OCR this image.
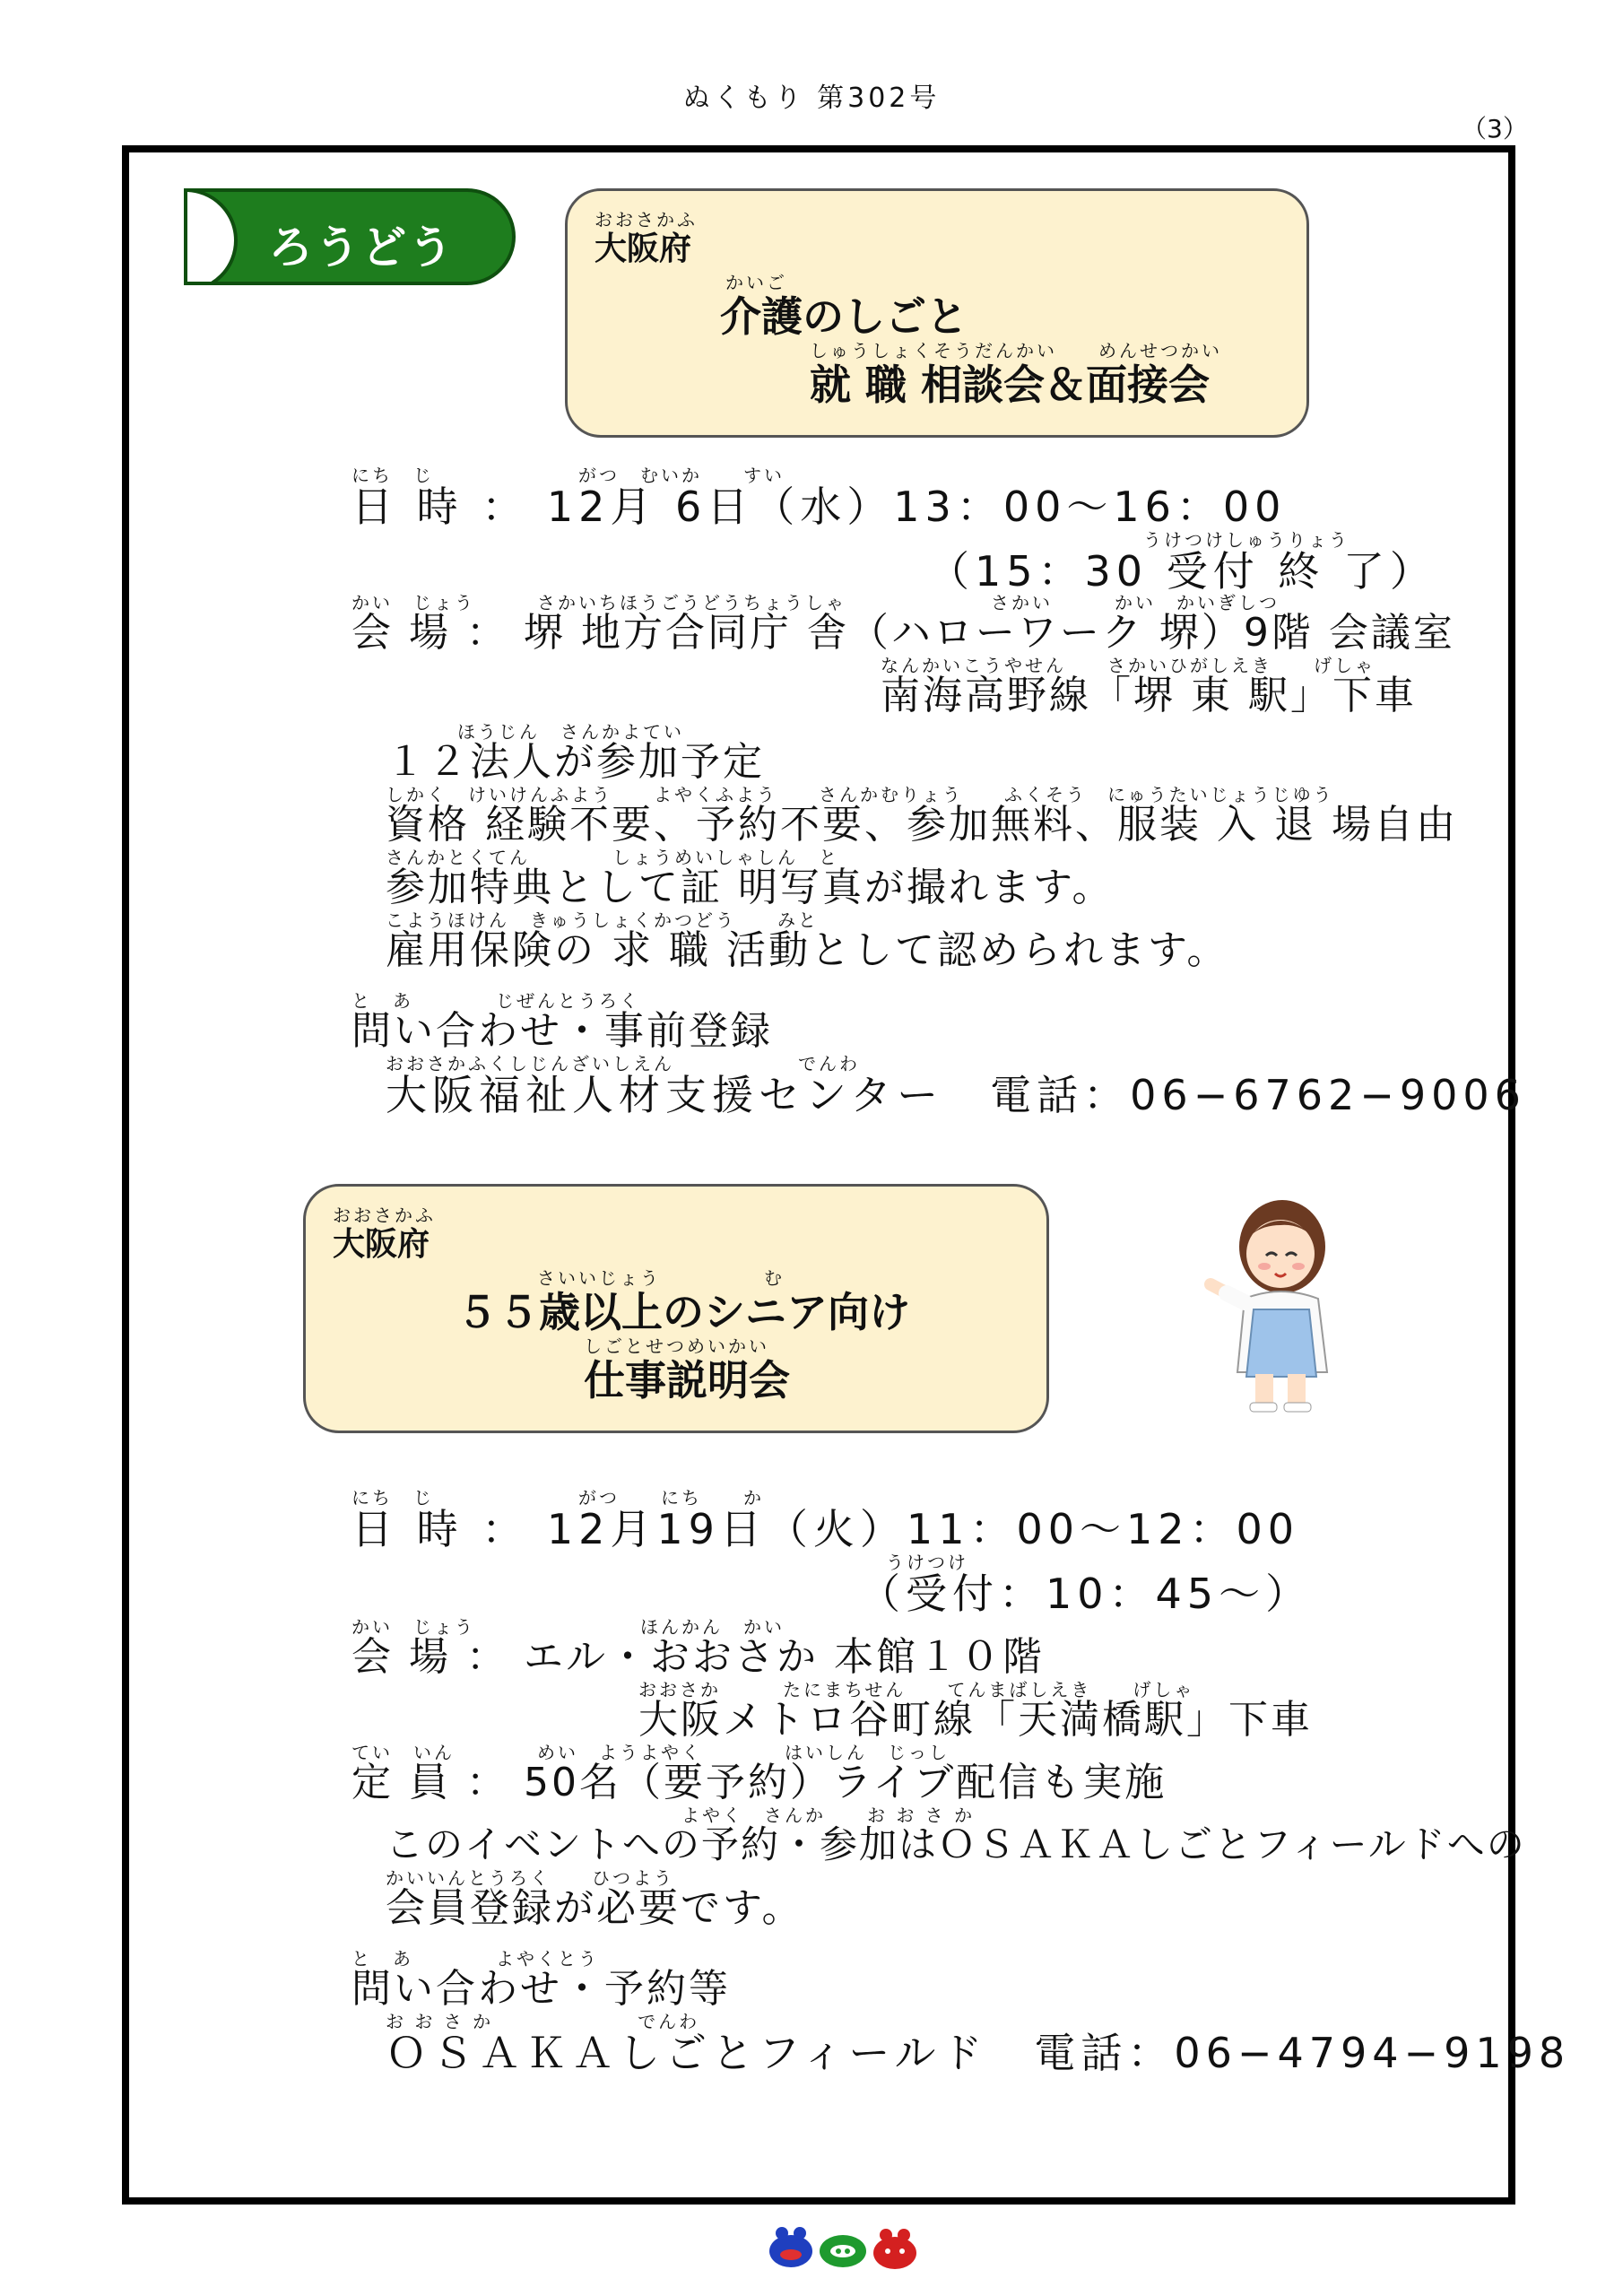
ぬくもり 第302号
（3）
ろうどう
おおさかふ
大阪府
かいご
介護のしごと
しゅうしょくそうだんかい　　めんせつかい
就 職 相談会＆面接会
にち　じ　　　　　　　がつ　むいか　　すい
日 時 ： 12月 6日（水）13：00～16：00
うけつけしゅうりょう
（15：30 受付 終 了）
かい　じょう　　　さかいちほうごうどうちょうしゃ　　　　　　　さかい　　　かい　かいぎしつ
会 場 ： 堺 地方合同庁 舎（ハローワーク 堺）9階 会議室
なんかいこうやせん　　さかいひがしえき　　げしゃ
南海高野線「堺 東 駅」下車
ほうじん　さんかよてい
１２法人が参加予定
しかく　けいけんふよう　　よやくふよう　　さんかむりょう　　ふくそう　にゅうたいじょうじゆう
資格 経験不要、予約不要、参加無料、服装 入 退 場自由
さんかとくてん　　　　しょうめいしゃしん　と
参加特典として証 明写真が撮れます。
こようほけん　きゅうしょくかつどう　　みと
雇用保険の 求 職 活動として認められます。
と　あ　　　　じぜんとうろく
問い合わせ・事前登録
おおさかふくしじんざいしえん　　　　　　でんわ
大阪福祉人材支援センター　電話：06−6762−9006
おおさかふ
大阪府
さいいじょう　　　　　む
５５歳以上のシニア向け
しごとせつめいかい
仕事説明会
にち　じ　　　　　　　がつ　　にち　　か
日 時 ： 12月19日（火）11：00～12：00
うけつけ
（受付：10：45～）
かい　じょう　　　　　　　　ほんかん　かい
会 場 ： エル・おおさか 本館１０階
おおさか　　　たにまちせん　　てんまばしえき　　げしゃ
大阪メトロ谷町線「天満橋駅」下車
てい　いん　　　　めい　ようよやく　　　　はいしん　じっし
定 員 ： 50名（要予約）ライブ配信も実施
よやく　さんか　　お お さ か
このイベントへの予約・参加はＯＳＡＫＡしごとフィールドへの
かいいんとうろく　　ひつよう
会員登録が必要です。
と　あ　　　　よやくとう
問い合わせ・予約等
お お さ か　　　　　　　でんわ
ＯＳＡＫＡしごとフィールド　電話：06−4794−9198
